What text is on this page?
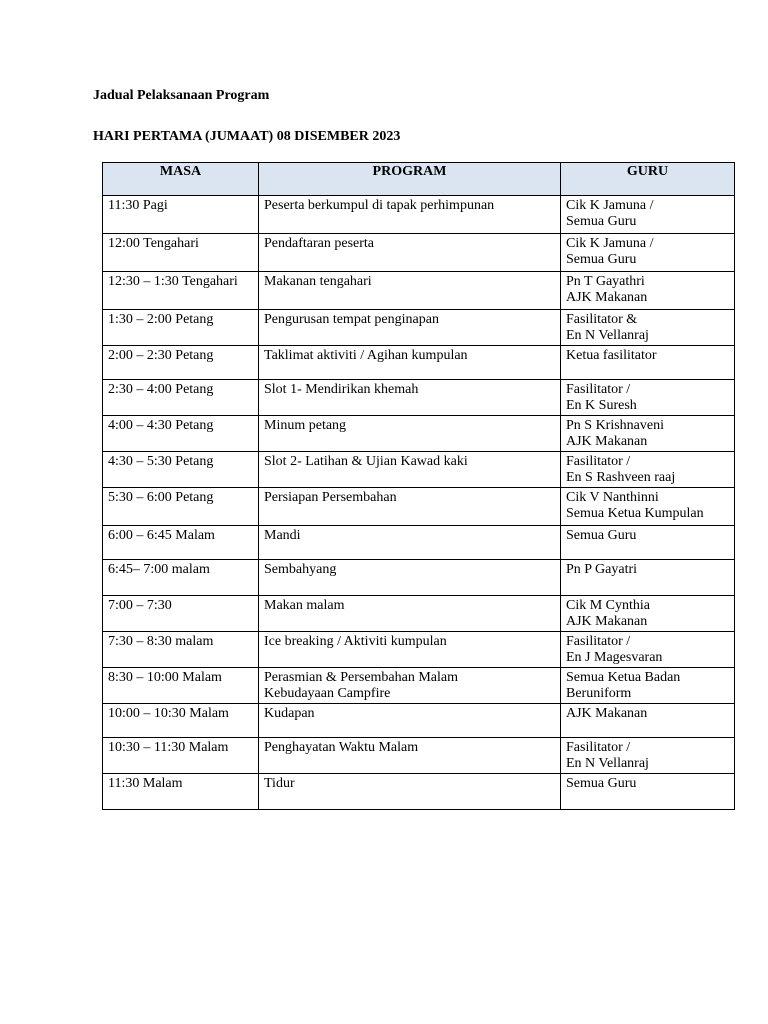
Jadual Pelaksanaan Program

HARI PERTAMA (JUMAAT) 08 DISEMBER 2023

MASA	PROGRAM	GURU

11:30 Pagi	Peserta berkumpul di tapak perhimpunan	Cik K Jamuna /
Semua Guru

12:00 Tengahari	Pendaftaran peserta	Cik K Jamuna /
Semua Guru

12:30 – 1:30 Tengahari	Makanan tengahari	Pn T Gayathri
AJK Makanan

1:30 – 2:00 Petang	Pengurusan tempat penginapan	Fasilitator &
En N Vellanraj

2:00 – 2:30 Petang	Taklimat aktiviti / Agihan kumpulan	Ketua fasilitator

2:30 – 4:00 Petang	Slot 1- Mendirikan khemah	Fasilitator /
En K Suresh

4:00 – 4:30 Petang	Minum petang	Pn S Krishnaveni
AJK Makanan

4:30 – 5:30 Petang	Slot 2- Latihan & Ujian Kawad kaki	Fasilitator /
En S Rashveen raaj

5:30 – 6:00 Petang	Persiapan Persembahan	Cik V Nanthinni
Semua Ketua Kumpulan

6:00 – 6:45 Malam	Mandi	Semua Guru

6:45– 7:00 malam	Sembahyang	Pn P Gayatri

7:00 – 7:30	Makan malam	Cik M Cynthia
AJK Makanan

7:30 – 8:30 malam	Ice breaking / Aktiviti kumpulan	Fasilitator /
En J Magesvaran

8:30 – 10:00 Malam	Perasmian & Persembahan Malam
Kebudayaan Campfire	Semua Ketua Badan
Beruniform

10:00 – 10:30 Malam	Kudapan	AJK Makanan

10:30 – 11:30 Malam	Penghayatan Waktu Malam	Fasilitator /
En N Vellanraj

11:30 Malam	Tidur	Semua Guru
